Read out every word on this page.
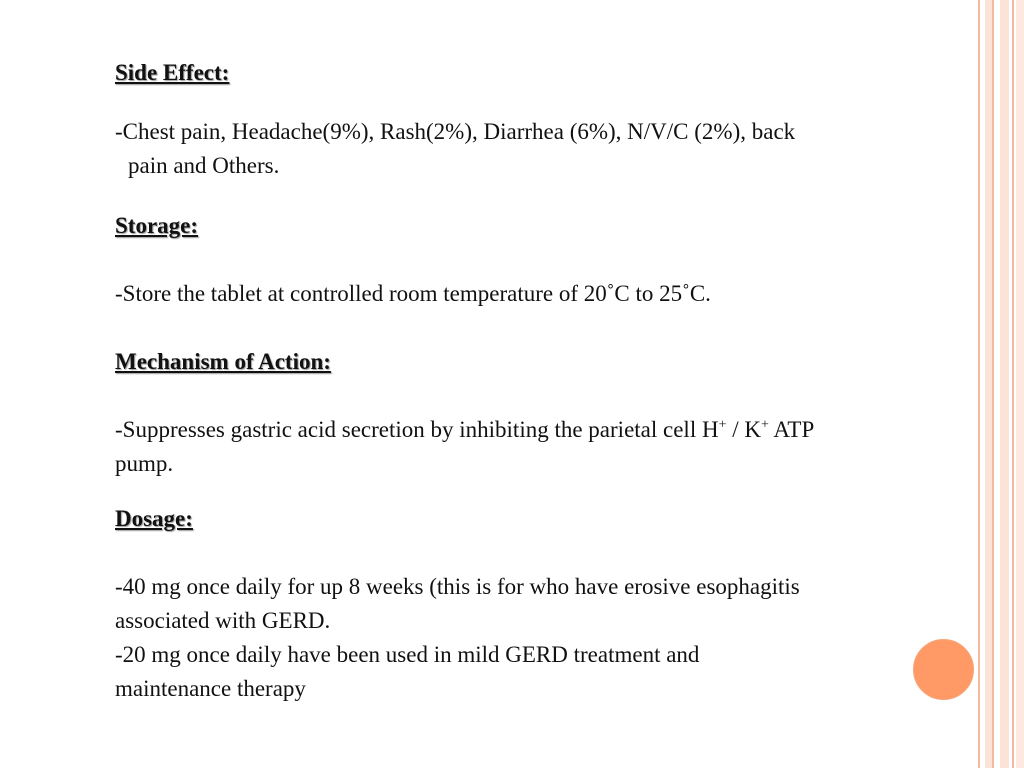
Side Effect:

-Chest pain, Headache(9%), Rash(2%), Diarrhea (6%), N/V/C (2%), back

pain and Others.

Storage:

-Store the tablet at controlled room temperature of 20˚C to 25˚C.

Mechanism of Action:

-Suppresses gastric acid secretion by inhibiting the parietal cell H+ / K+ ATP

pump.

Dosage:

-40 mg once daily for up 8 weeks (this is for who have erosive esophagitis

associated with GERD.

-20 mg once daily have been used in mild GERD treatment and

maintenance therapy
